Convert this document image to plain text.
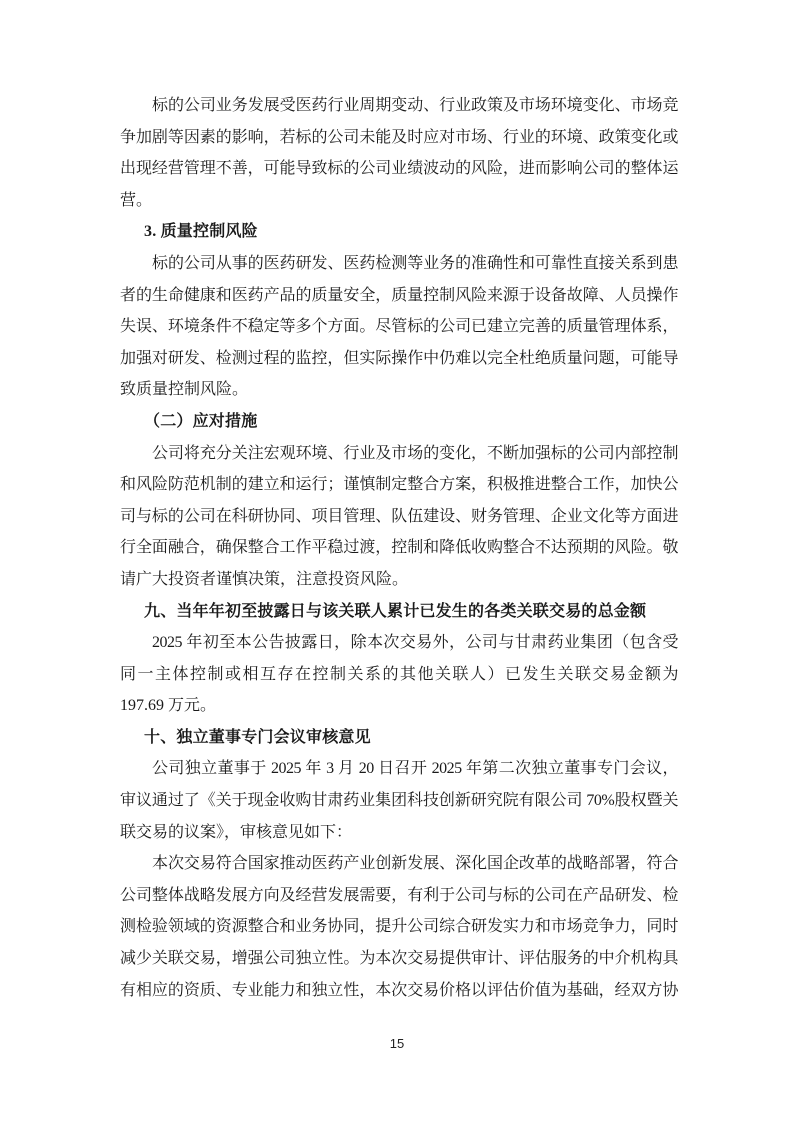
标的公司业务发展受医药行业周期变动、行业政策及市场环境变化、市场竞
争加剧等因素的影响，若标的公司未能及时应对市场、行业的环境、政策变化或
出现经营管理不善，可能导致标的公司业绩波动的风险，进而影响公司的整体运
营。
3. 质量控制风险
标的公司从事的医药研发、医药检测等业务的准确性和可靠性直接关系到患
者的生命健康和医药产品的质量安全，质量控制风险来源于设备故障、人员操作
失误、环境条件不稳定等多个方面。尽管标的公司已建立完善的质量管理体系，
加强对研发、检测过程的监控，但实际操作中仍难以完全杜绝质量问题，可能导
致质量控制风险。
（二）应对措施
公司将充分关注宏观环境、行业及市场的变化，不断加强标的公司内部控制
和风险防范机制的建立和运行；谨慎制定整合方案，积极推进整合工作，加快公
司与标的公司在科研协同、项目管理、队伍建设、财务管理、企业文化等方面进
行全面融合，确保整合工作平稳过渡，控制和降低收购整合不达预期的风险。敬
请广大投资者谨慎决策，注意投资风险。
九、当年年初至披露日与该关联人累计已发生的各类关联交易的总金额
2025 年初至本公告披露日，除本次交易外，公司与甘肃药业集团（包含受
同一主体控制或相互存在控制关系的其他关联人）已发生关联交易金额为
197.69 万元。
十、独立董事专门会议审核意见
公司独立董事于 2025 年 3 月 20 日召开 2025 年第二次独立董事专门会议，
审议通过了《关于现金收购甘肃药业集团科技创新研究院有限公司 70%股权暨关
联交易的议案》，审核意见如下：
本次交易符合国家推动医药产业创新发展、深化国企改革的战略部署，符合
公司整体战略发展方向及经营发展需要，有利于公司与标的公司在产品研发、检
测检验领域的资源整合和业务协同，提升公司综合研发实力和市场竞争力，同时
减少关联交易，增强公司独立性。为本次交易提供审计、评估服务的中介机构具
有相应的资质、专业能力和独立性，本次交易价格以评估价值为基础，经双方协
15
